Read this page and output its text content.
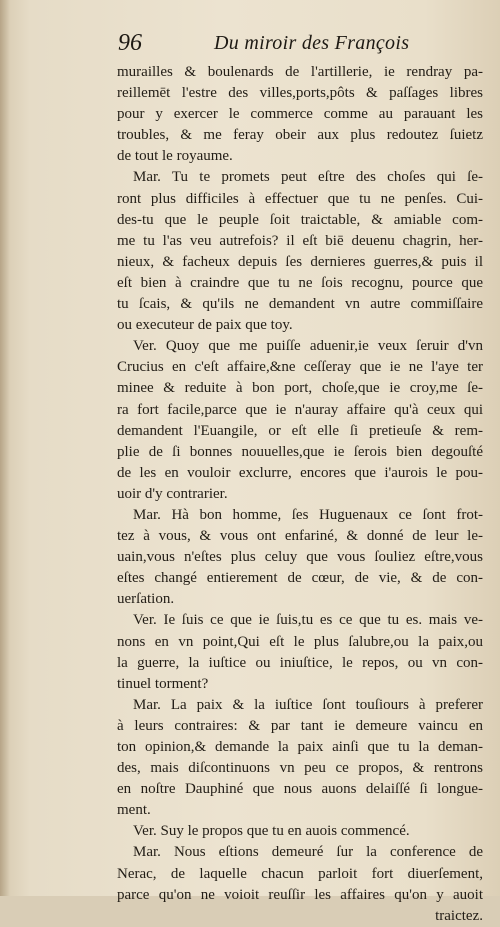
96	Du miroir des François
murailles & boulenards de l'artillerie, ie rendray pa-
reillemēt l'estre des villes,ports,pôts & paſſages libres
pour y exercer le commerce comme au parauant les
troubles, & me feray obeir aux plus redoutez ſuietz
de tout le royaume.
Mar. Tu te promets peut eſtre des choſes qui ſe-
ront plus difficiles à effectuer que tu ne penſes. Cui-
des-tu que le peuple ſoit traictable, & amiable com-
me tu l'as veu autrefois? il eſt biē deuenu chagrin, her-
nieux, & facheux depuis ſes dernieres guerres,& puis il
eſt bien à craindre que tu ne ſois recognu, pource que
tu ſcais, & qu'ils ne demandent vn autre commiſſaire
ou executeur de paix que toy.
Ver. Quoy que me puiſſe aduenir,ie veux ſeruir d'vn
Crucius en c'eſt affaire,&ne ceſſeray que ie ne l'aye ter
minee & reduite à bon port, choſe,que ie croy,me ſe-
ra fort facile,parce que ie n'auray affaire qu'à ceux qui
demandent l'Euangile, or eſt elle ſi pretieuſe & rem-
plie de ſi bonnes nouuelles,que ie ſerois bien degouſté
de les en vouloir exclurre, encores que i'aurois le pou-
uoir d'y contrarier.
Mar. Hà bon homme, ſes Huguenaux ce ſont frot-
tez à vous, & vous ont enfariné, & donné de leur le-
uain,vous n'eſtes plus celuy que vous ſouliez eſtre,vous
eſtes changé entierement de cœur, de vie, & de con-
uerſation.
Ver. Ie ſuis ce que ie ſuis,tu es ce que tu es. mais ve-
nons en vn point,Qui eſt le plus ſalubre,ou la paix,ou
la guerre, la iuſtice ou iniuſtice, le repos, ou vn con-
tinuel torment?
Mar. La paix & la iuſtice ſont touſiours à preferer
à leurs contraires: & par tant ie demeure vaincu en
ton opinion,& demande la paix ainſi que tu la deman-
des, mais diſcontinuons vn peu ce propos, & rentrons
en noſtre Dauphiné que nous auons delaiſſé ſi longue-
ment.
Ver. Suy le propos que tu en auois commencé.
Mar. Nous eſtions demeuré ſur la conference de
Nerac, de laquelle chacun parloit fort diuerſement,
parce qu'on ne voioit reuſſir les affaires qu'on y auoit
traictez.
